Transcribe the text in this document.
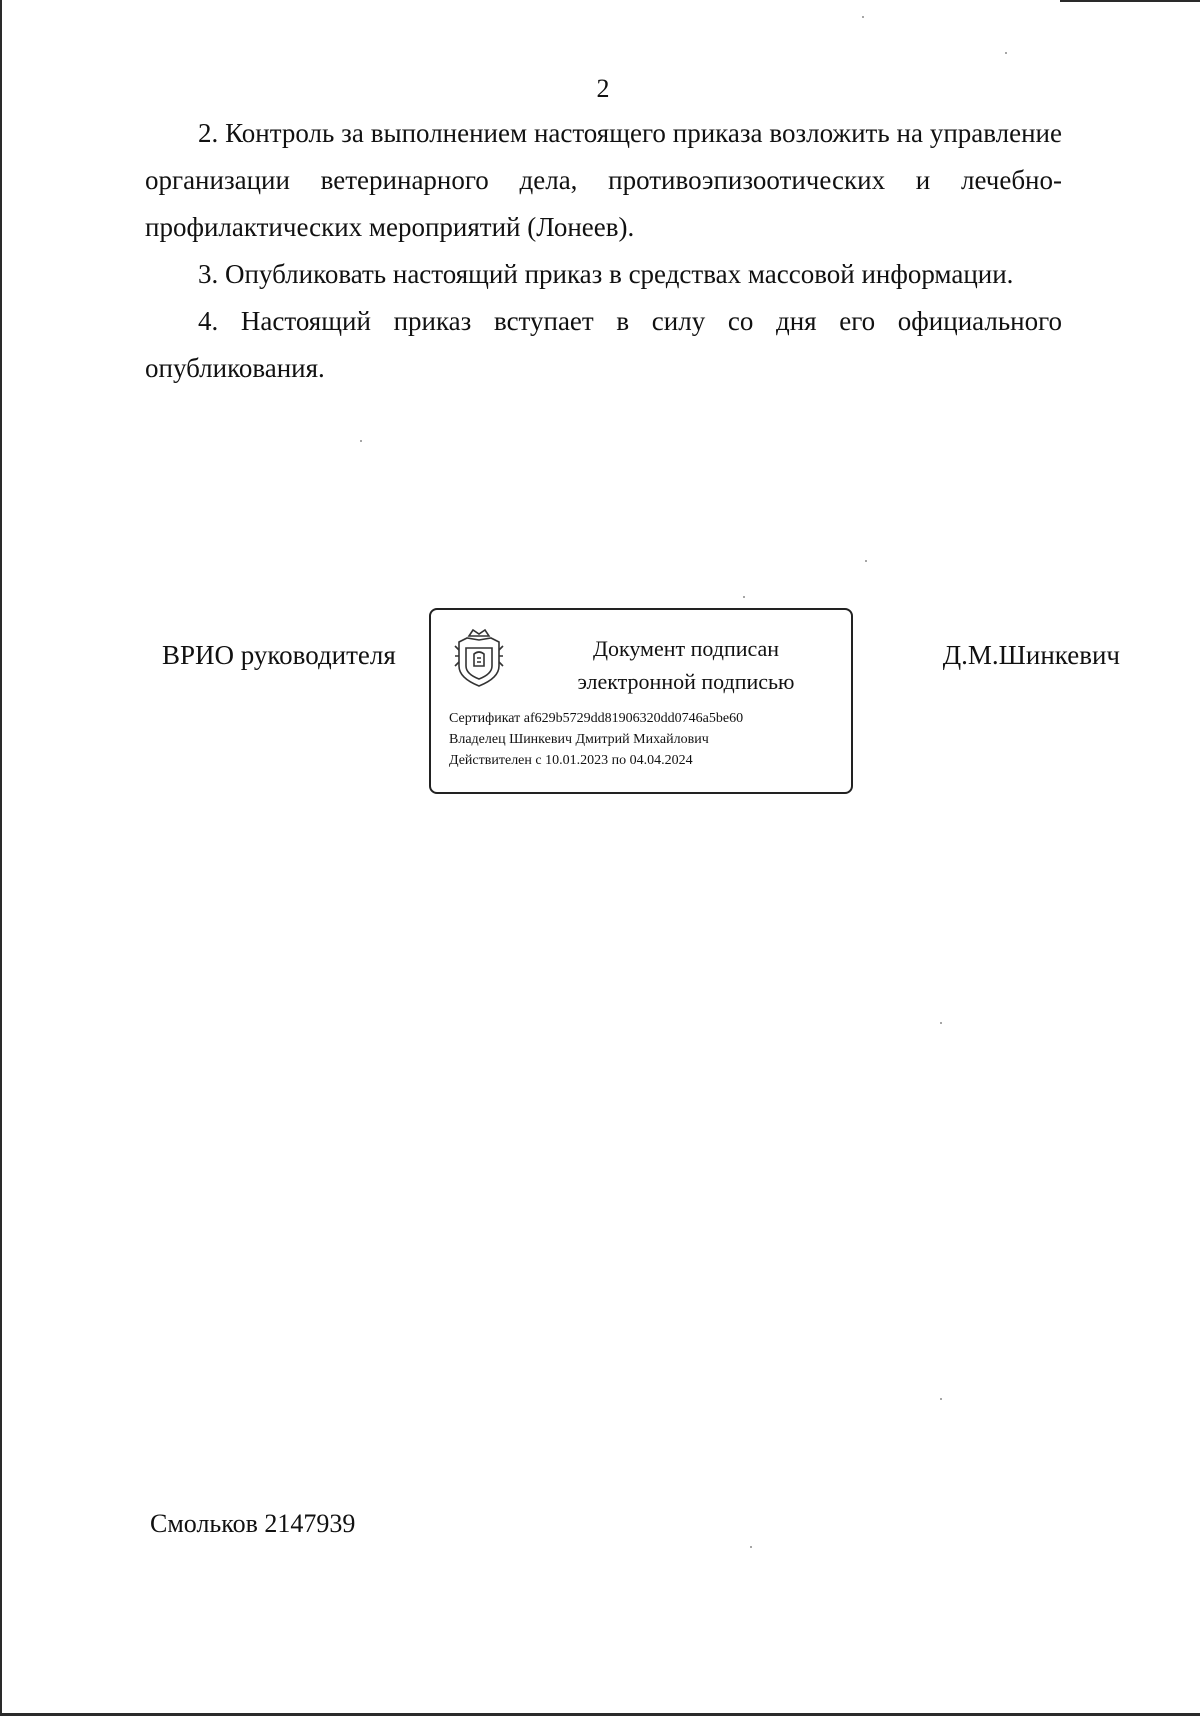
2

2. Контроль за выполнением настоящего приказа возложить на управление организации ветеринарного дела, противоэпизоотических и лечебно-профилактических мероприятий (Лонеев).

3. Опубликовать настоящий приказ в средствах массовой информации.

4. Настоящий приказ вступает в силу со дня его официального опубликования.

ВРИО руководителя	Документ подписан
электронной подписью
Сертификат af629b5729dd81906320dd0746a5be60
Владелец Шинкевич Дмитрий Михайлович
Действителен с 10.01.2023 по 04.04.2024
Д.М.Шинкевич
Смольков 2147939
